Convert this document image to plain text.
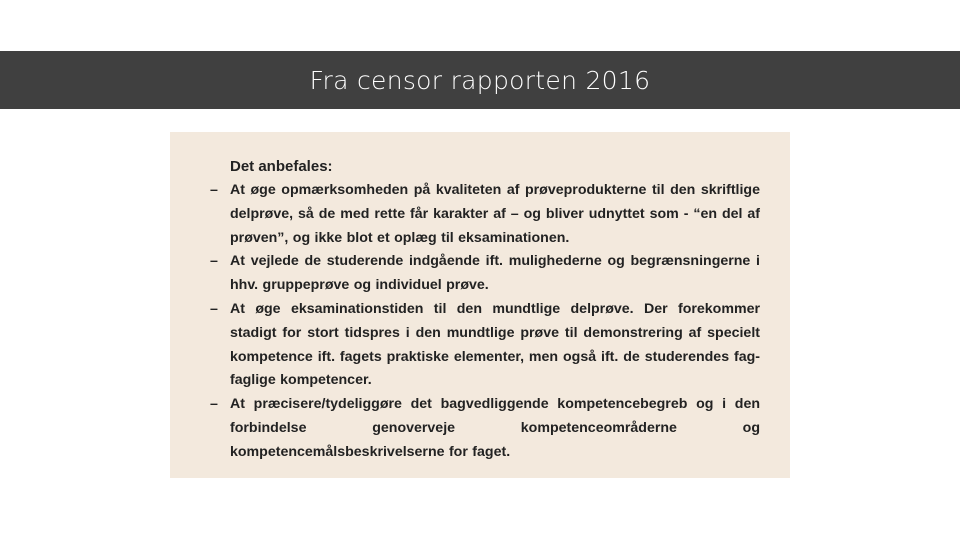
Fra censor rapporten 2016
Det anbefales:
– At øge opmærksomheden på kvaliteten af prøveprodukterne til den skriftlige delprøve, så de med rette får karakter af – og bliver udnyttet som - “en del af prøven”, og ikke blot et oplæg til eksaminationen.
– At vejlede de studerende indgående ift. mulighederne og begrænsningerne i hhv. gruppeprøve og individuel prøve.
– At øge eksaminationstiden til den mundtlige delprøve. Der forekommer stadigt for stort tidspres i den mundtlige prøve til demonstrering af specielt kompetence ift. fagets praktiske elementer, men også ift. de studerendes fag-faglige kompetencer.
– At præcisere/tydeliggøre det bagvedliggende kompetencebegreb og i den forbindelse genoverveje kompetenceområderne og kompetencemålsbeskrivelserne for faget.
